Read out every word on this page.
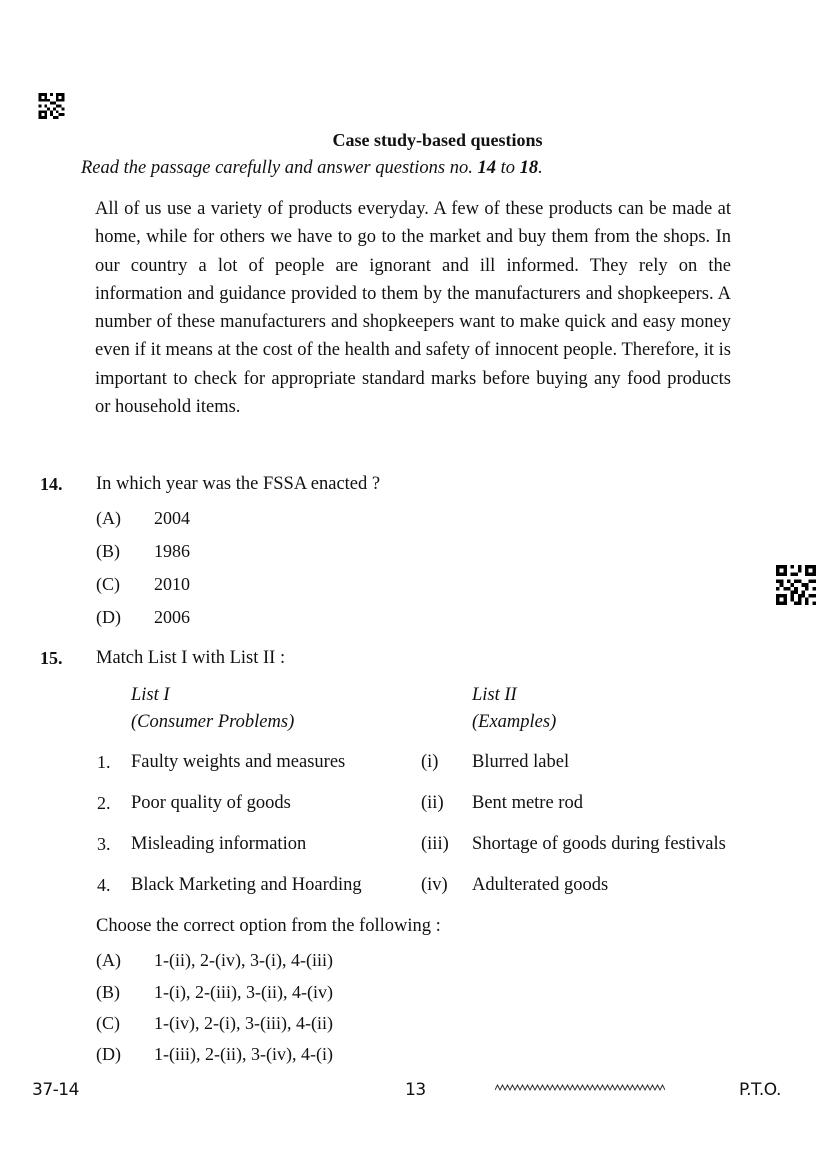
Case study-based questions
Read the passage carefully and answer questions no. 14 to 18.
All of us use a variety of products everyday. A few of these products can be made at home, while for others we have to go to the market and buy them from the shops. In our country a lot of people are ignorant and ill informed. They rely on the information and guidance provided to them by the manufacturers and shopkeepers. A number of these manufacturers and shopkeepers want to make quick and easy money even if it means at the cost of the health and safety of innocent people. Therefore, it is important to check for appropriate standard marks before buying any food products or household items.
14. In which year was the FSSA enacted ?
(A) 2004
(B) 1986
(C) 2010
(D) 2006
15. Match List I with List II :
List I
(Consumer Problems)
List II
(Examples)
1. Faulty weights and measures	(i) Blurred label
2. Poor quality of goods	(ii) Bent metre rod
3. Misleading information	(iii) Shortage of goods during festivals
4. Black Marketing and Hoarding	(iv) Adulterated goods
Choose the correct option from the following :
(A) 1-(ii), 2-(iv), 3-(i), 4-(iii)
(B) 1-(i), 2-(iii), 3-(ii), 4-(iv)
(C) 1-(iv), 2-(i), 3-(iii), 4-(ii)
(D) 1-(iii), 2-(ii), 3-(iv), 4-(i)
37-14	13	P.T.O.
